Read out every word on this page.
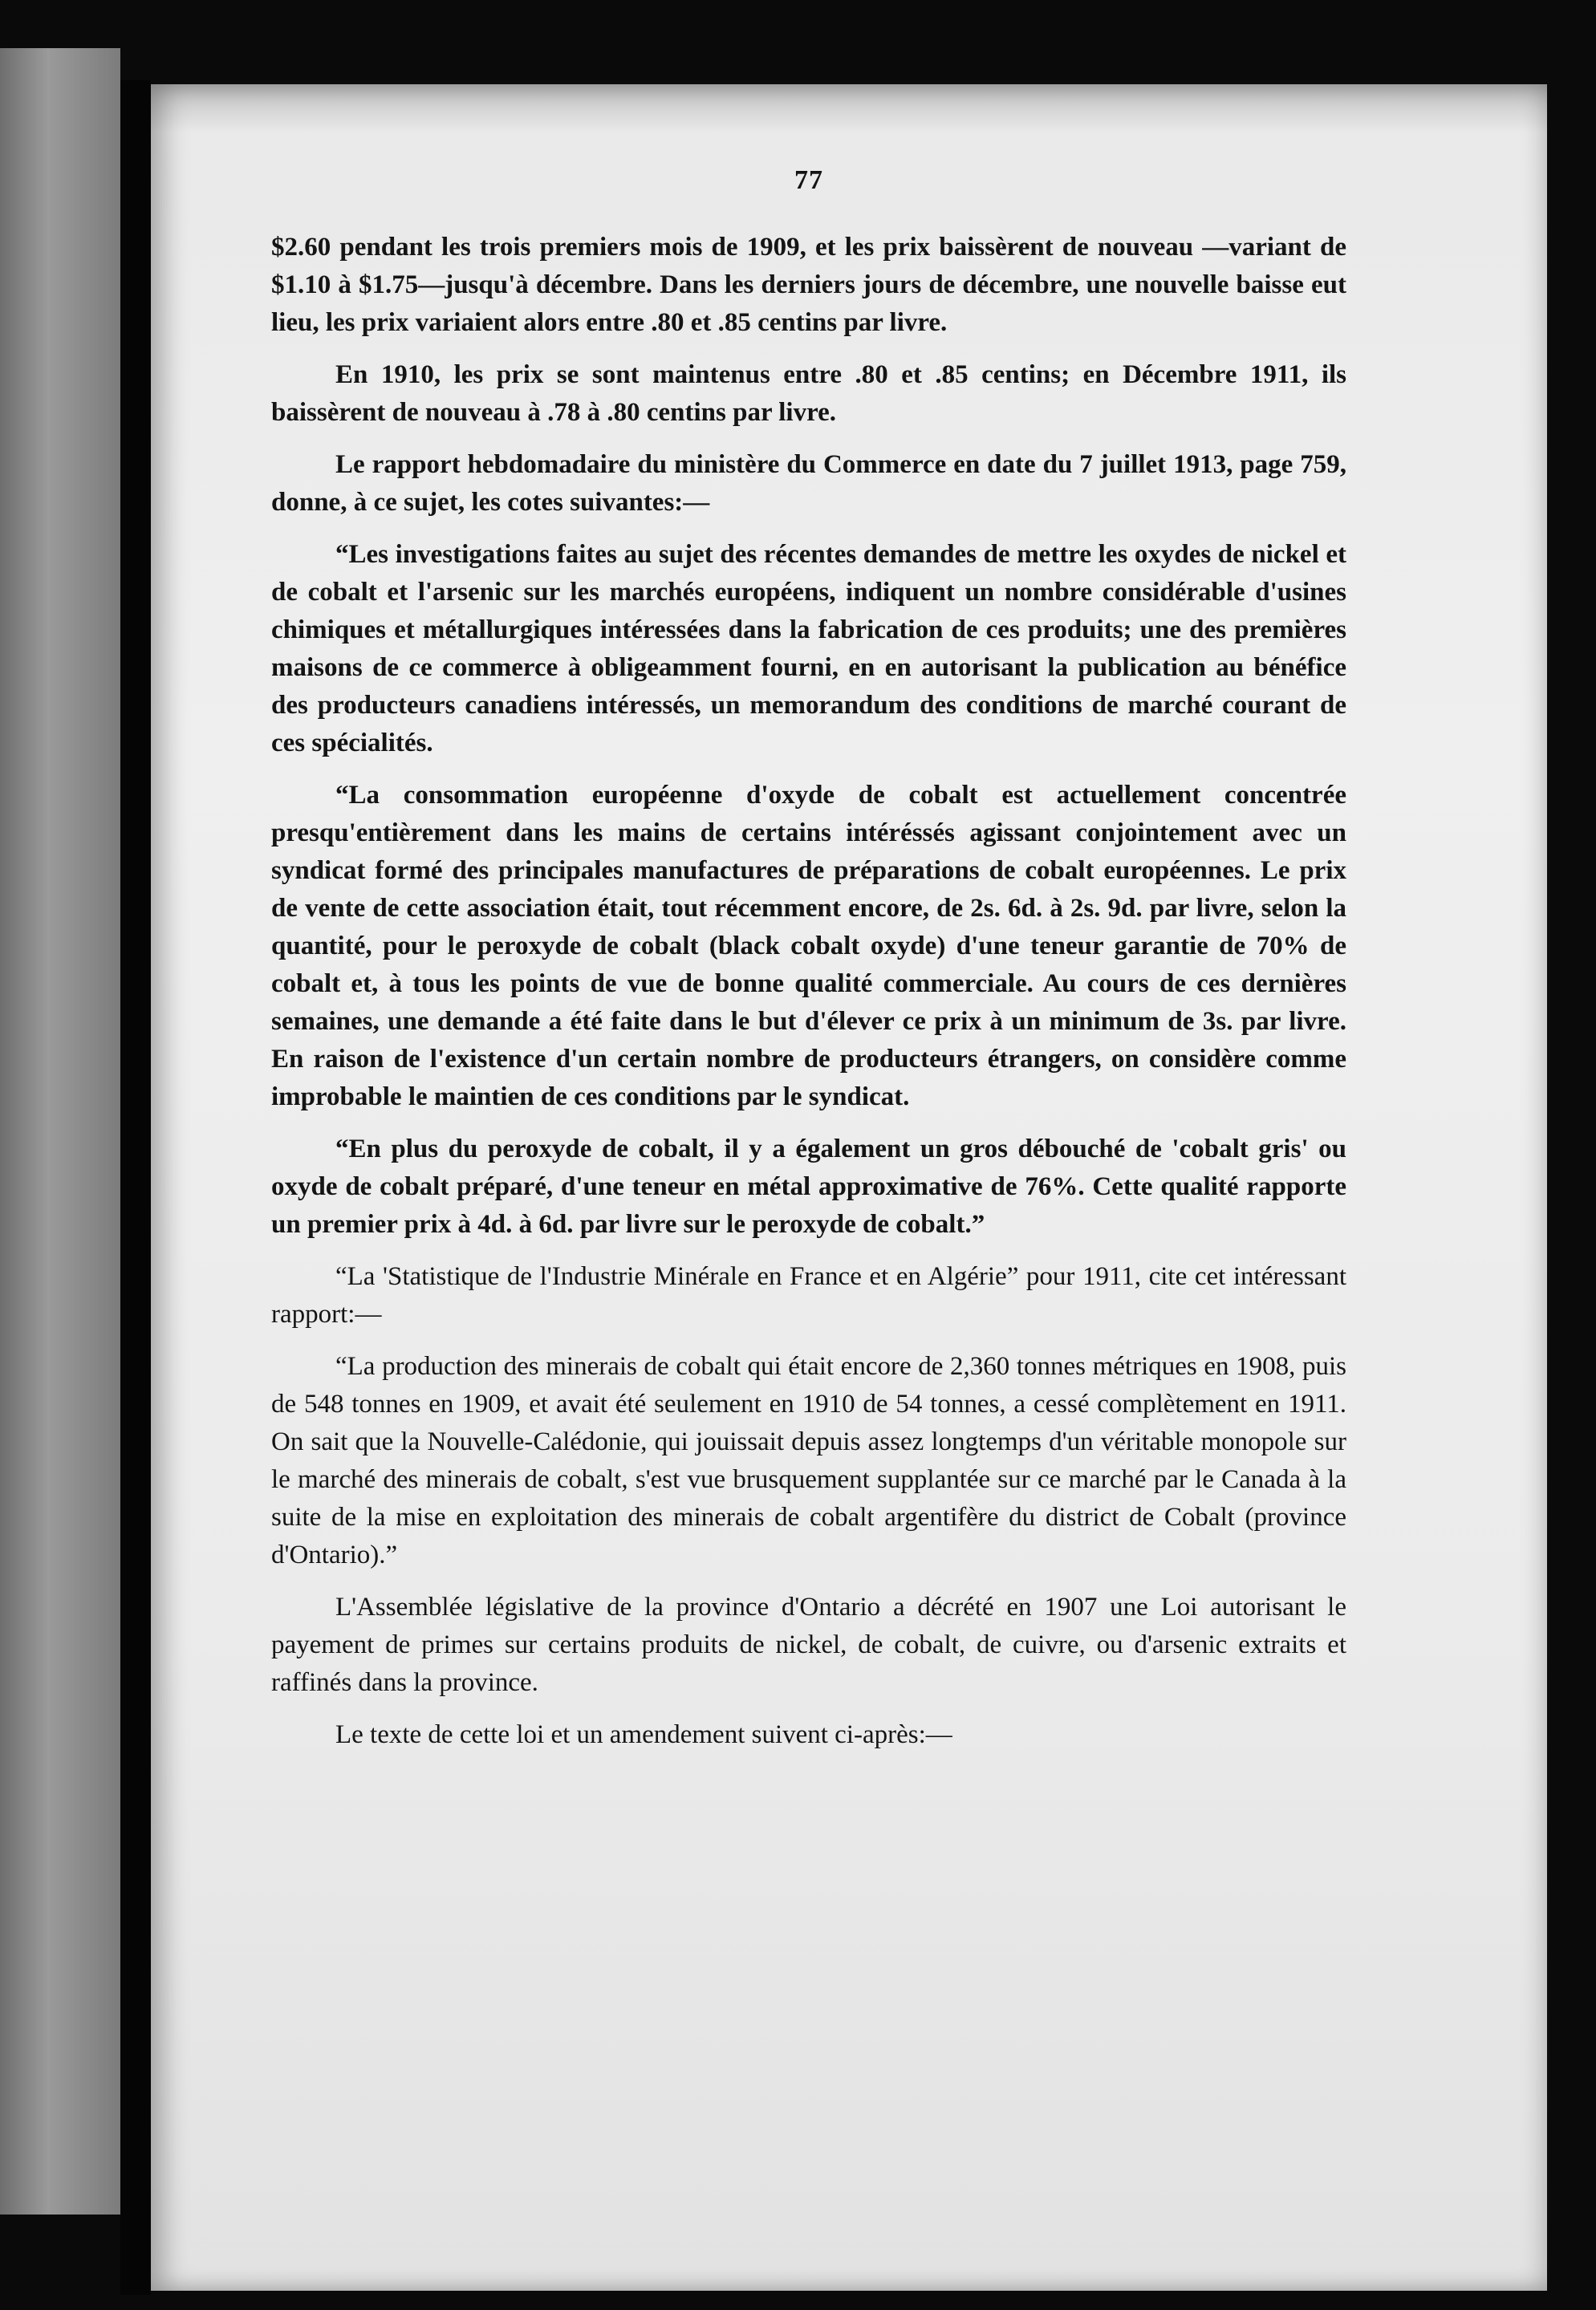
77

$2.60 pendant les trois premiers mois de 1909, et les prix baissèrent de nouveau —variant de $1.10 à $1.75—jusqu'à décembre. Dans les derniers jours de décembre, une nouvelle baisse eut lieu, les prix variaient alors entre .80 et .85 centins par livre.

En 1910, les prix se sont maintenus entre .80 et .85 centins; en Décembre 1911, ils baissèrent de nouveau à .78 à .80 centins par livre.

Le rapport hebdomadaire du ministère du Commerce en date du 7 juillet 1913, page 759, donne, à ce sujet, les cotes suivantes:—

“Les investigations faites au sujet des récentes demandes de mettre les oxydes de nickel et de cobalt et l'arsenic sur les marchés européens, indiquent un nombre considérable d'usines chimiques et métallurgiques intéressées dans la fabrication de ces produits; une des premières maisons de ce commerce à obligeamment fourni, en en autorisant la publication au bénéfice des producteurs canadiens intéressés, un memorandum des conditions de marché courant de ces spécialités.

“La consommation européenne d'oxyde de cobalt est actuellement concentrée presqu'entièrement dans les mains de certains intéréssés agissant conjointement avec un syndicat formé des principales manufactures de préparations de cobalt européennes. Le prix de vente de cette association était, tout récemment encore, de 2s. 6d. à 2s. 9d. par livre, selon la quantité, pour le peroxyde de cobalt (black cobalt oxyde) d'une teneur garantie de 70% de cobalt et, à tous les points de vue de bonne qualité commerciale. Au cours de ces dernières semaines, une demande a été faite dans le but d'élever ce prix à un minimum de 3s. par livre. En raison de l'existence d'un certain nombre de producteurs étrangers, on considère comme improbable le maintien de ces conditions par le syndicat.

“En plus du peroxyde de cobalt, il y a également un gros débouché de 'cobalt gris' ou oxyde de cobalt préparé, d'une teneur en métal approximative de 76%. Cette qualité rapporte un premier prix à 4d. à 6d. par livre sur le peroxyde de cobalt.”

“La 'Statistique de l'Industrie Minérale en France et en Algérie” pour 1911, cite cet intéressant rapport:—

“La production des minerais de cobalt qui était encore de 2,360 tonnes métriques en 1908, puis de 548 tonnes en 1909, et avait été seulement en 1910 de 54 tonnes, a cessé complètement en 1911. On sait que la Nouvelle-Calédonie, qui jouissait depuis assez longtemps d'un véritable monopole sur le marché des minerais de cobalt, s'est vue brusquement supplantée sur ce marché par le Canada à la suite de la mise en exploitation des minerais de cobalt argentifère du district de Cobalt (province d'Ontario).”

L'Assemblée législative de la province d'Ontario a décrété en 1907 une Loi autorisant le payement de primes sur certains produits de nickel, de cobalt, de cuivre, ou d'arsenic extraits et raffinés dans la province.

Le texte de cette loi et un amendement suivent ci-après:—
